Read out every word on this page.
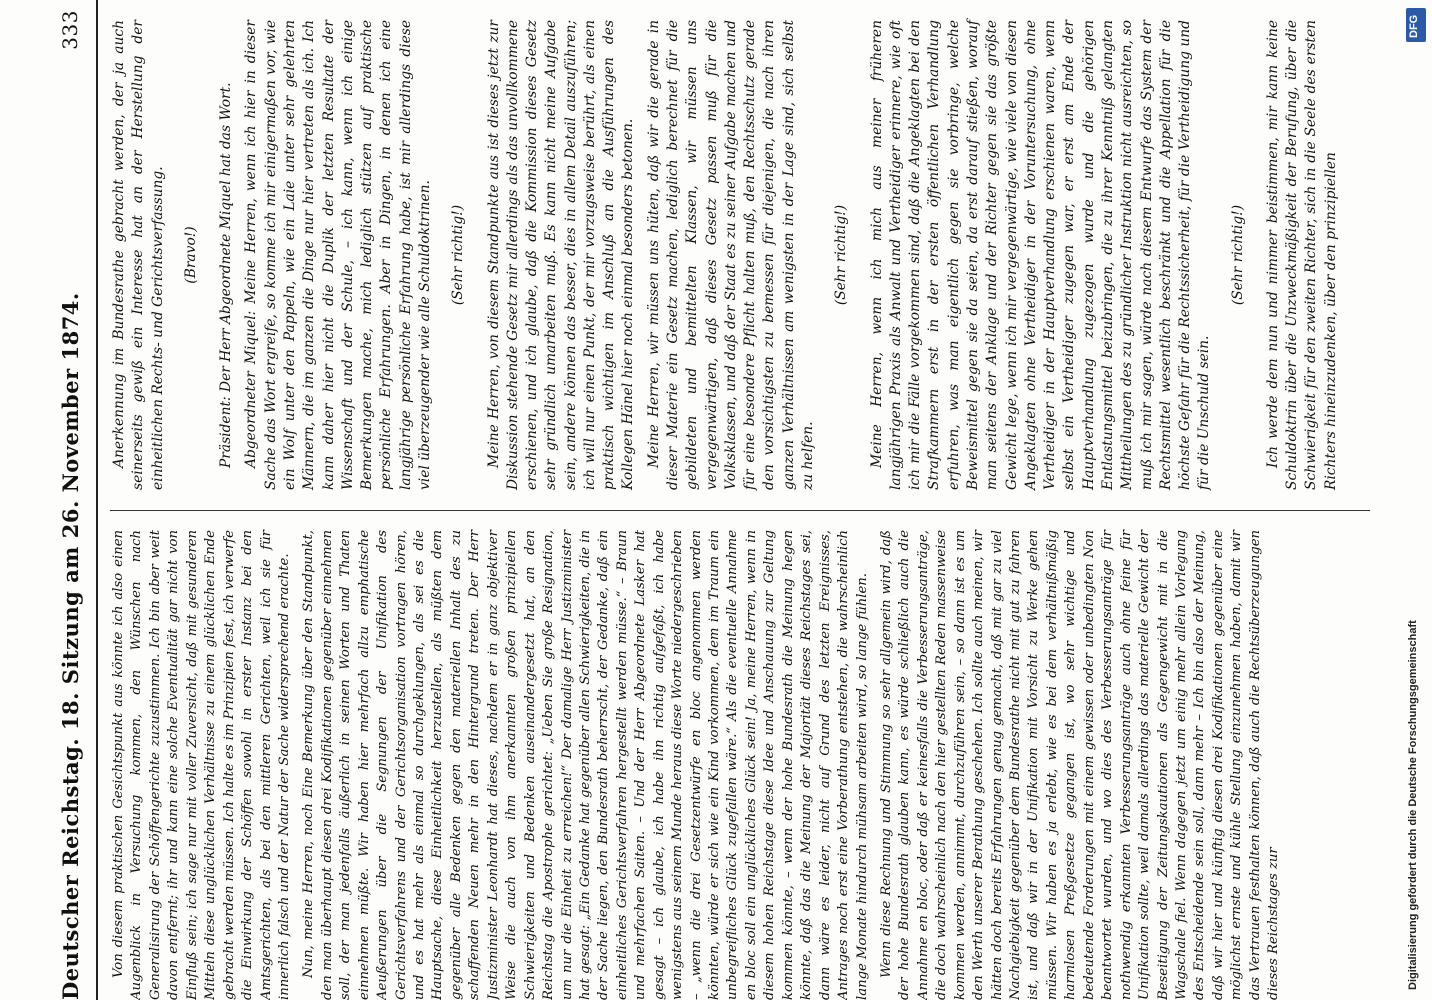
Deutscher Reichstag. 18. Sitzung am 26. November 1874.
333

Von diesem praktischen Gesichtspunkt aus könnte ich also einen Augenblick in Versuchung kommen, den Wünschen nach Generalisirung der Schöffengerichte zuzustimmen. Ich bin aber weit davon entfernt; ihr und kann eine solche Eventualität gar nicht von Einfluß sein; ich sage nur mit voller Zuversicht, daß mit gesunderen Mitteln diese unglücklichen Verhältnisse zu einem glücklichen Ende gebracht werden müssen. Ich halte es im Prinzipien fest, ich verwerfe die Einwirkung der Schöffen sowohl in erster Instanz bei den Amtsgerichten, als bei den mittleren Gerichten, weil ich sie für innerlich falsch und der Natur der Sache widersprechend erachte. Nun, meine Herren, noch Eine Bemerkung über den Standpunkt, den man überhaupt diesen drei Kodifikationen gegenüber einnehmen soll, der man jedenfalls äußerlich in seinen Worten und Thaten einnehmen müßte. Wir haben hier mehrfach allzu emphatische Aeußerungen über die Segnungen der Unifikation des Gerichtsverfahrens und der Gerichtsorganisation vortragen hören, und es hat mehr als einmal so durchgeklungen, als sei es die Hauptsache, diese Einheitlichkeit herzustellen, als müßten dem gegenüber alle Bedenken gegen den materiellen Inhalt des zu schaffenden Neuen mehr in den Hintergrund treten. Der Herr Justizminister Leonhardt hat dieses, nachdem er in ganz objektiver Weise die auch von ihm anerkannten großen prinzipiellen Schwierigkeiten und Bedenken auseinandergesetzt hat, an den Reichstag die Apostrophe gerichtet: „Ueben Sie große Resignation, um nur die Einheit zu erreichen!“ Der damalige Herr Justizminister hat gesagt: „Ein Gedanke hat gegenüber allen Schwierigkeiten, die in der Sache liegen, den Bundesrath beherrscht, der Gedanke, daß ein einheitliches Gerichtsverfahren hergestellt werden müsse.“ – Braun und mehrfachen Saiten. – Und der Herr Abgeordnete Lasker hat gesagt – ich glaube, ich habe ihn richtig aufgefaßt, ich habe wenigstens aus seinem Munde heraus diese Worte niedergeschrieben – „wenn die drei Gesetzentwürfe en bloc angenommen werden könnten, würde er sich wie ein Kind vorkommen, dem im Traum ein unbegreifliches Glück zugefallen wäre.“ Als die eventuelle Annahme en bloc soll ein unglückliches Glück sein! Ja, meine Herren, wenn in diesem hohen Reichstage diese Idee und Anschauung zur Geltung kommen könnte, – wenn der hohe Bundesrath die Meinung hegen könnte, daß das die Meinung der Majorität dieses Reichstages sei, dann wäre es leider, nicht auf Grund des letzten Ereignisses, Antrages noch erst eine Vorberathung entstehen, die wahrscheinlich lange Monate hindurch mühsam arbeiten wird, so lange fühlen. Wenn diese Rechnung und Stimmung so sehr allgemein wird, daß der hohe Bundesrath glauben kann, es würde schließlich auch die Annahme en bloc, oder daß er keinesfalls die Verbesserungsanträge, die doch wahrscheinlich nach den hier gestellten Reden massenweise kommen werden, annimmt, durchzuführen sein, – so dann ist es um den Werth unserer Berathung geschehen. Ich sollte auch meinen, wir hätten doch bereits Erfahrungen genug gemacht, daß mit gar zu viel Nachgiebigkeit gegenüber dem Bundesrathe nicht mit gut zu fahren ist, und daß wir in der Unifikation mit Vorsicht zu Werke gehen müssen. Wir haben es ja erlebt, wie es bei dem verhältnißmäßig harmlosen Preßgesetze gegangen ist, wo sehr wichtige und bedeutende Forderungen mit einem gewissen oder unbedingten Non beantwortet wurden, und wo dies des Verbesserungsanträge für nothwendig erkannten Verbesserungsanträge auch ohne feine für Unifikation sollte, weil damals allerdings das materielle Gewicht der Beseitigung der Zeitungskautionen als Gegengewicht mit in die Wagschale fiel. Wenn dagegen jetzt um einig mehr allein Vorlegung des Entscheidende sein soll, dann mehr – Ich bin also der Meinung, daß wir hier und künftig diesen drei Kodifikationen gegenüber eine möglichst ernste und kühle Stellung einzunehmen haben, damit wir das Vertrauen festhalten können, daß auch die Rechtsüberzeugungen dieses Reichstages zur

Anerkennung im Bundesrathe gebracht werden, der ja auch seinerseits gewiß ein Interesse hat an der Herstellung der einheitlichen Rechts- und Gerichtsverfassung. (Bravo!) Präsident: Der Herr Abgeordnete Miquel hat das Wort. Abgeordneter Miquel: Meine Herren, wenn ich hier in dieser Sache das Wort ergreife, so komme ich mir einigermaßen vor, wie ein Wolf unter den Pappeln, wie ein Laie unter sehr gelehrten Männern, die im ganzen die Dinge nur hier vertreten als ich. Ich kann daher hier nicht die Duplik der letzten Resultate der Wissenschaft und der Schule, – ich kann, wenn ich einige Bemerkungen mache, mich lediglich stützen auf praktische persönliche Erfahrungen. Aber in Dingen, in denen ich eine langjährige persönliche Erfahrung habe, ist mir allerdings diese viel überzeugender wie alle Schuldoktrinen. (Sehr richtig!) Meine Herren, von diesem Standpunkte aus ist dieses jetzt zur Diskussion stehende Gesetz mir allerdings als das unvollkommene erschienen, und ich glaube, daß die Kommission dieses Gesetz sehr gründlich umarbeiten muß. Es kann nicht meine Aufgabe sein, andere können das besser, dies in allem Detail auszuführen; ich will nur einen Punkt, der mir vorzugsweise berührt, als einen praktisch wichtigen im Anschluß an die Ausführungen des Kollegen Hänel hier noch einmal besonders betonen. Meine Herren, wir müssen uns hüten, daß wir die gerade in dieser Materie ein Gesetz machen, lediglich berechnet für die gebildeten und bemittelten Klassen, wir müssen uns vergegenwärtigen, daß dieses Gesetz passen muß für die Volksklassen, und daß der Staat es zu seiner Aufgabe machen und für eine besondere Pflicht halten muß, den Rechtsschutz gerade den vorsichtigsten zu bemessen für diejenigen, die nach ihren ganzen Verhältnissen am wenigsten in der Lage sind, sich selbst zu helfen.

(Sehr richtig!) Meine Herren, wenn ich mich aus meiner früheren langjährigen Praxis als Anwalt und Vertheidiger erinnere, wie oft ich mir die Fälle vorgekommen sind, daß die Angeklagten bei den Strafkammern erst in der ersten öffentlichen Verhandlung erfuhren, was man eigentlich gegen sie vorbringe, welche Beweismittel gegen sie da seien, da erst darauf stießen, worauf man seitens der Anklage und der Richter gegen sie das größte Gewicht lege, wenn ich mir vergegenwärtige, wie viele von diesen Angeklagten ohne Vertheidiger in der Voruntersuchung, ohne Vertheidiger in der Hauptverhandlung erschienen waren, wenn selbst ein Vertheidiger zugegen war, er erst am Ende der Hauptverhandlung zugezogen wurde und die gehörigen Entlastungsmittel beizubringen, die zu ihrer Kenntniß gelangten Mittheilungen des zu gründlicher Instruktion nicht ausreichten, so muß ich mir sagen, würde nach diesem Entwurfe das System der Rechtsmittel wesentlich beschränkt und die Appellation für die höchste Gefahr für die Rechtssicherheit, für die Vertheidigung und für die Unschuld sein.

(Sehr richtig!) Ich werde dem nun und nimmer beistimmen, mir kann keine Schuldoktrin über die Unzweckmäßigkeit der Berufung, über die Schwierigkeit für den zweiten Richter, sich in die Seele des ersten Richters hineinzudenken, über den prinzipiellen

Digitalisierung gefördert durch die Deutsche Forschungsgemeinschaft
DFG
